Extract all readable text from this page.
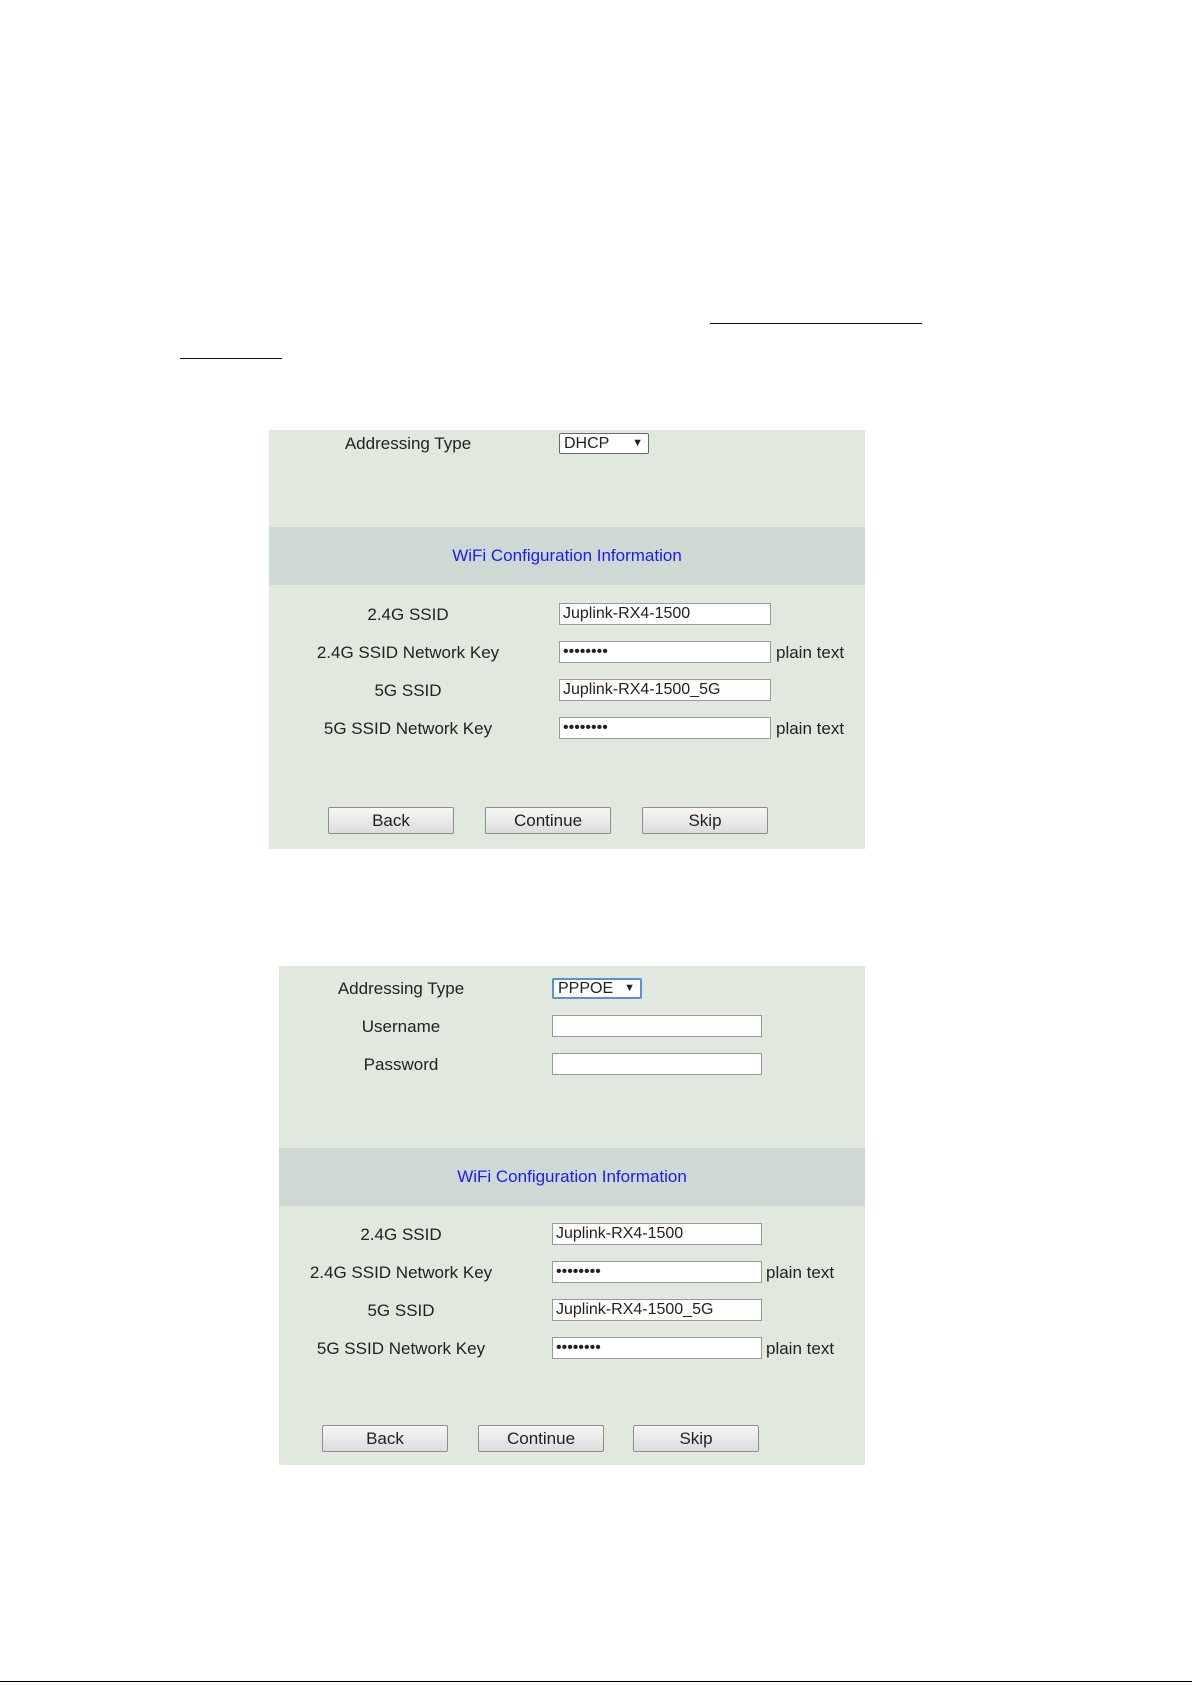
Addressing Type	DHCP ▼
WiFi Configuration Information
2.4G SSID	Juplink-RX4-1500
2.4G SSID Network Key	••••••••	plain text
5G SSID	Juplink-RX4-1500_5G
5G SSID Network Key	••••••••	plain text
Back	Continue	Skip
Addressing Type	PPPOE ▼
Username
Password
WiFi Configuration Information
2.4G SSID	Juplink-RX4-1500
2.4G SSID Network Key	••••••••	plain text
5G SSID	Juplink-RX4-1500_5G
5G SSID Network Key	••••••••	plain text
Back	Continue	Skip
